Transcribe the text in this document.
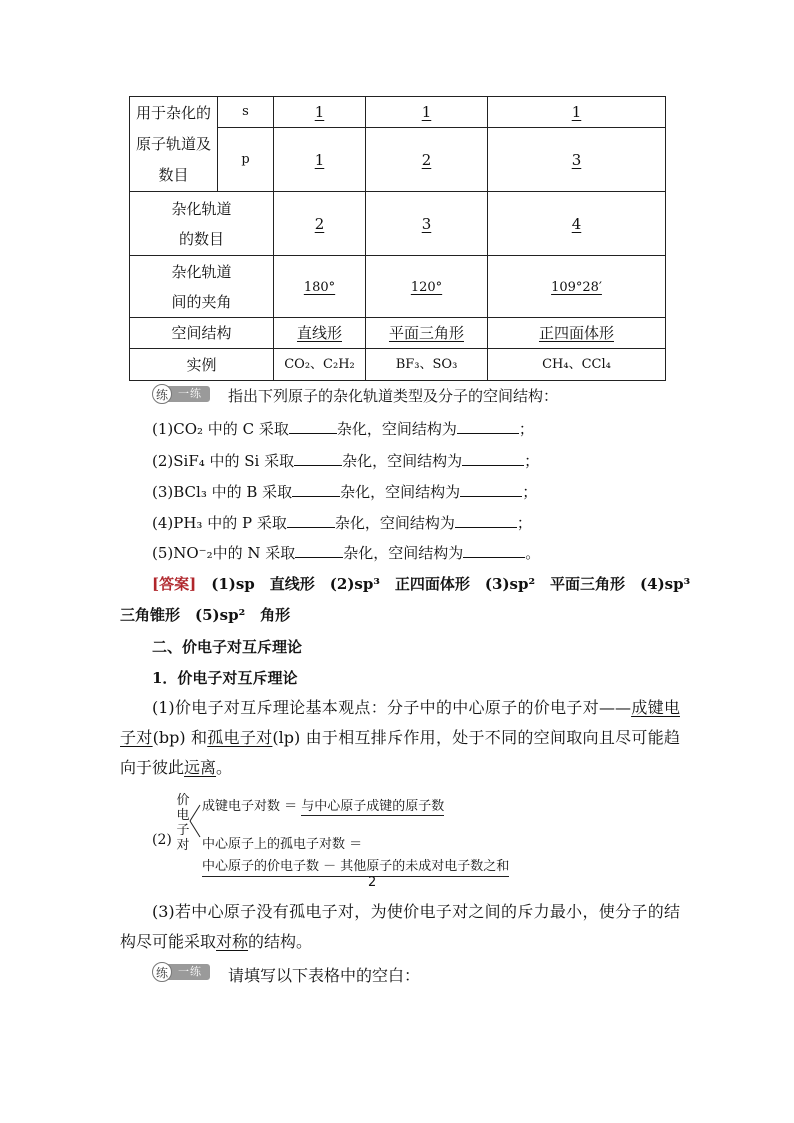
用于杂化的原子轨道及数目	s	1	1	1
	p	1	2	3

杂化轨道
的数目		2	3	4

杂化轨道
间的夹角		180°	120°	109°28′
空间结构		直线形	平面三角形	正四面体形
实例		CO₂、C₂H₂	BF₃、SO₃	CH₄、CCl₄
练 一练 指出下列原子的杂化轨道类型及分子的空间结构：
(1)CO₂ 中的 C 采取	杂化，空间结构为	；
(2)SiF₄ 中的 Si 采取	杂化，空间结构为	；
(3)BCl₃ 中的 B 采取	杂化，空间结构为	；
(4)PH₃ 中的 P 采取	杂化，空间结构为	；
(5)NO⁻₂中的 N 采取	杂化，空间结构为	。
[答案]　 (1)sp　直线形　(2)sp³　正四面体形　(3)sp²　平面三角形　(4)sp³
三角锥形　(5)sp²　角形
二、价电子对互斥理论
1．价电子对互斥理论
(1)价电子对互斥理论基本观点：分子中的中心原子的价电子对——成键电子对(bp) 和孤电子对(lp) 由于相互排斥作用，处于不同的空间取向且尽可能趋向于彼此远离。
(2)
价
电
子
对
成键电子对数 ＝ 与中心原子成键的原子数
中心原子上的孤电子对数 ＝
中心原子的价电子数 － 其他原子的未成对电子数之和
2
(3)若中心原子没有孤电子对，为使价电子对之间的斥力最小，使分子的结构尽可能采取对称的结构。
练 一练 请填写以下表格中的空白：
